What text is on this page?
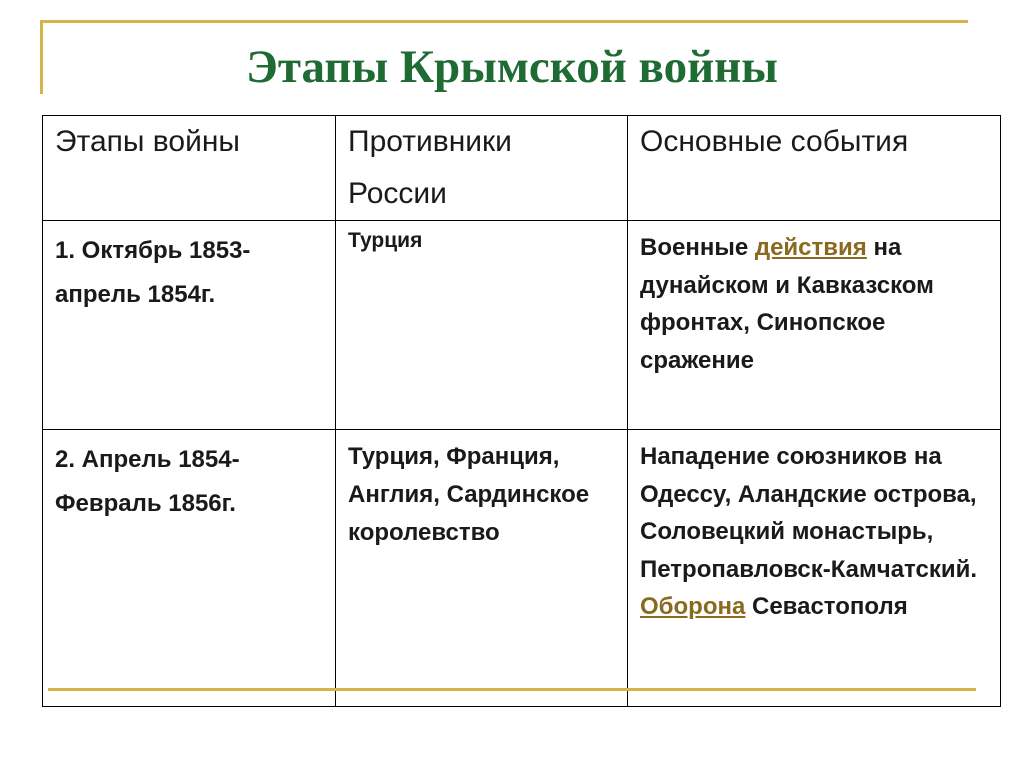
Этапы Крымской войны
Этапы войны	Противники России	Основные события

1. Октябрь 1853-апрель 1854г.	Турция	Военные действия на дунайском и Кавказском фронтах, Синопское сражение

2. Апрель 1854-Февраль 1856г.	Турция, Франция, Англия, Сардинское королевство	Нападение союзников на Одессу, Аландские острова, Соловецкий монастырь, Петропавловск-Камчатский. Оборона Севастополя
